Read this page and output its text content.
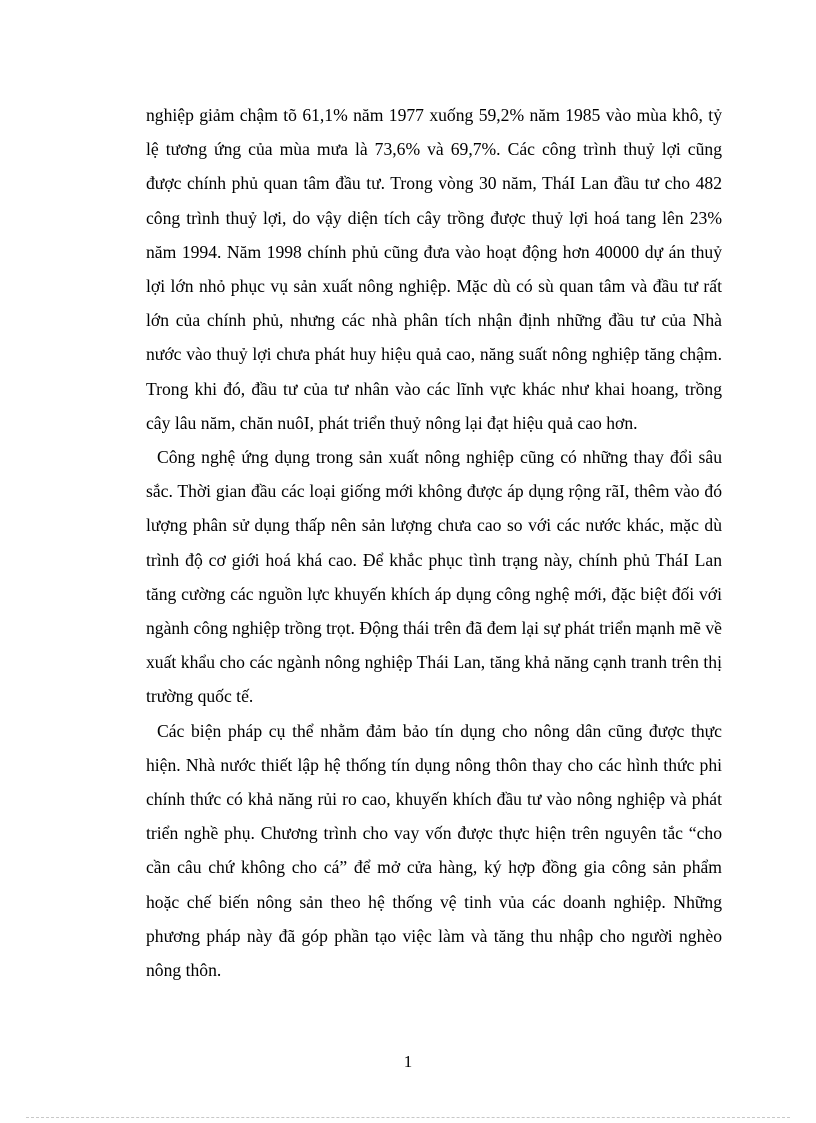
nghiệp giảm chậm tõ 61,1% năm 1977 xuống 59,2% năm 1985 vào mùa khô, tỷ lệ tương ứng của mùa mưa là 73,6% và 69,7%. Các công trình thuỷ lợi cũng được chính phủ quan tâm đầu tư. Trong vòng 30 năm, TháI Lan đầu tư cho 482 công trình thuỷ lợi, do vậy diện tích cây trồng được thuỷ lợi hoá tang lên 23% năm 1994. Năm 1998 chính phủ cũng đưa vào hoạt động hơn 40000 dự án thuỷ lợi lớn nhỏ phục vụ sản xuất nông nghiệp. Mặc dù có sù quan tâm và đầu tư rất lớn của chính phủ, nhưng các nhà phân tích nhận định những đầu tư của Nhà nước vào thuỷ lợi chưa phát huy hiệu quả cao, năng suất nông nghiệp tăng chậm. Trong khi đó, đầu tư của tư nhân vào các lĩnh vực khác như khai hoang, trồng cây lâu năm, chăn nuôI, phát triển thuỷ nông lại đạt hiệu quả cao hơn.

Công nghệ ứng dụng trong sản xuất nông nghiệp cũng có những thay đổi sâu sắc. Thời gian đầu các loại giống mới không được áp dụng rộng rãI, thêm vào đó lượng phân sử dụng thấp nên sản lượng chưa cao so với các nước khác, mặc dù trình độ cơ giới hoá khá cao. Để khắc phục tình trạng này, chính phủ TháI Lan tăng cường các nguồn lực khuyến khích áp dụng công nghệ mới, đặc biệt đối với ngành công nghiệp trồng trọt. Động thái trên đã đem lại sự phát triển mạnh mẽ về xuất khẩu cho các ngành nông nghiệp Thái Lan, tăng khả năng cạnh tranh trên thị trường quốc tế.

Các biện pháp cụ thể nhằm đảm bảo tín dụng cho nông dân cũng được thực hiện. Nhà nước thiết lập hệ thống tín dụng nông thôn thay cho các hình thức phi chính thức có khả năng rủi ro cao, khuyến khích đầu tư vào nông nghiệp và phát triển nghề phụ. Chương trình cho vay vốn được thực hiện trên nguyên tắc “cho cần câu chứ không cho cá” để mở cửa hàng, ký hợp đồng gia công sản phẩm hoặc chế biến nông sản theo hệ thống vệ tinh vủa các doanh nghiệp. Những phương pháp này đã góp phần tạo việc làm và tăng thu nhập cho người nghèo nông thôn.

1
